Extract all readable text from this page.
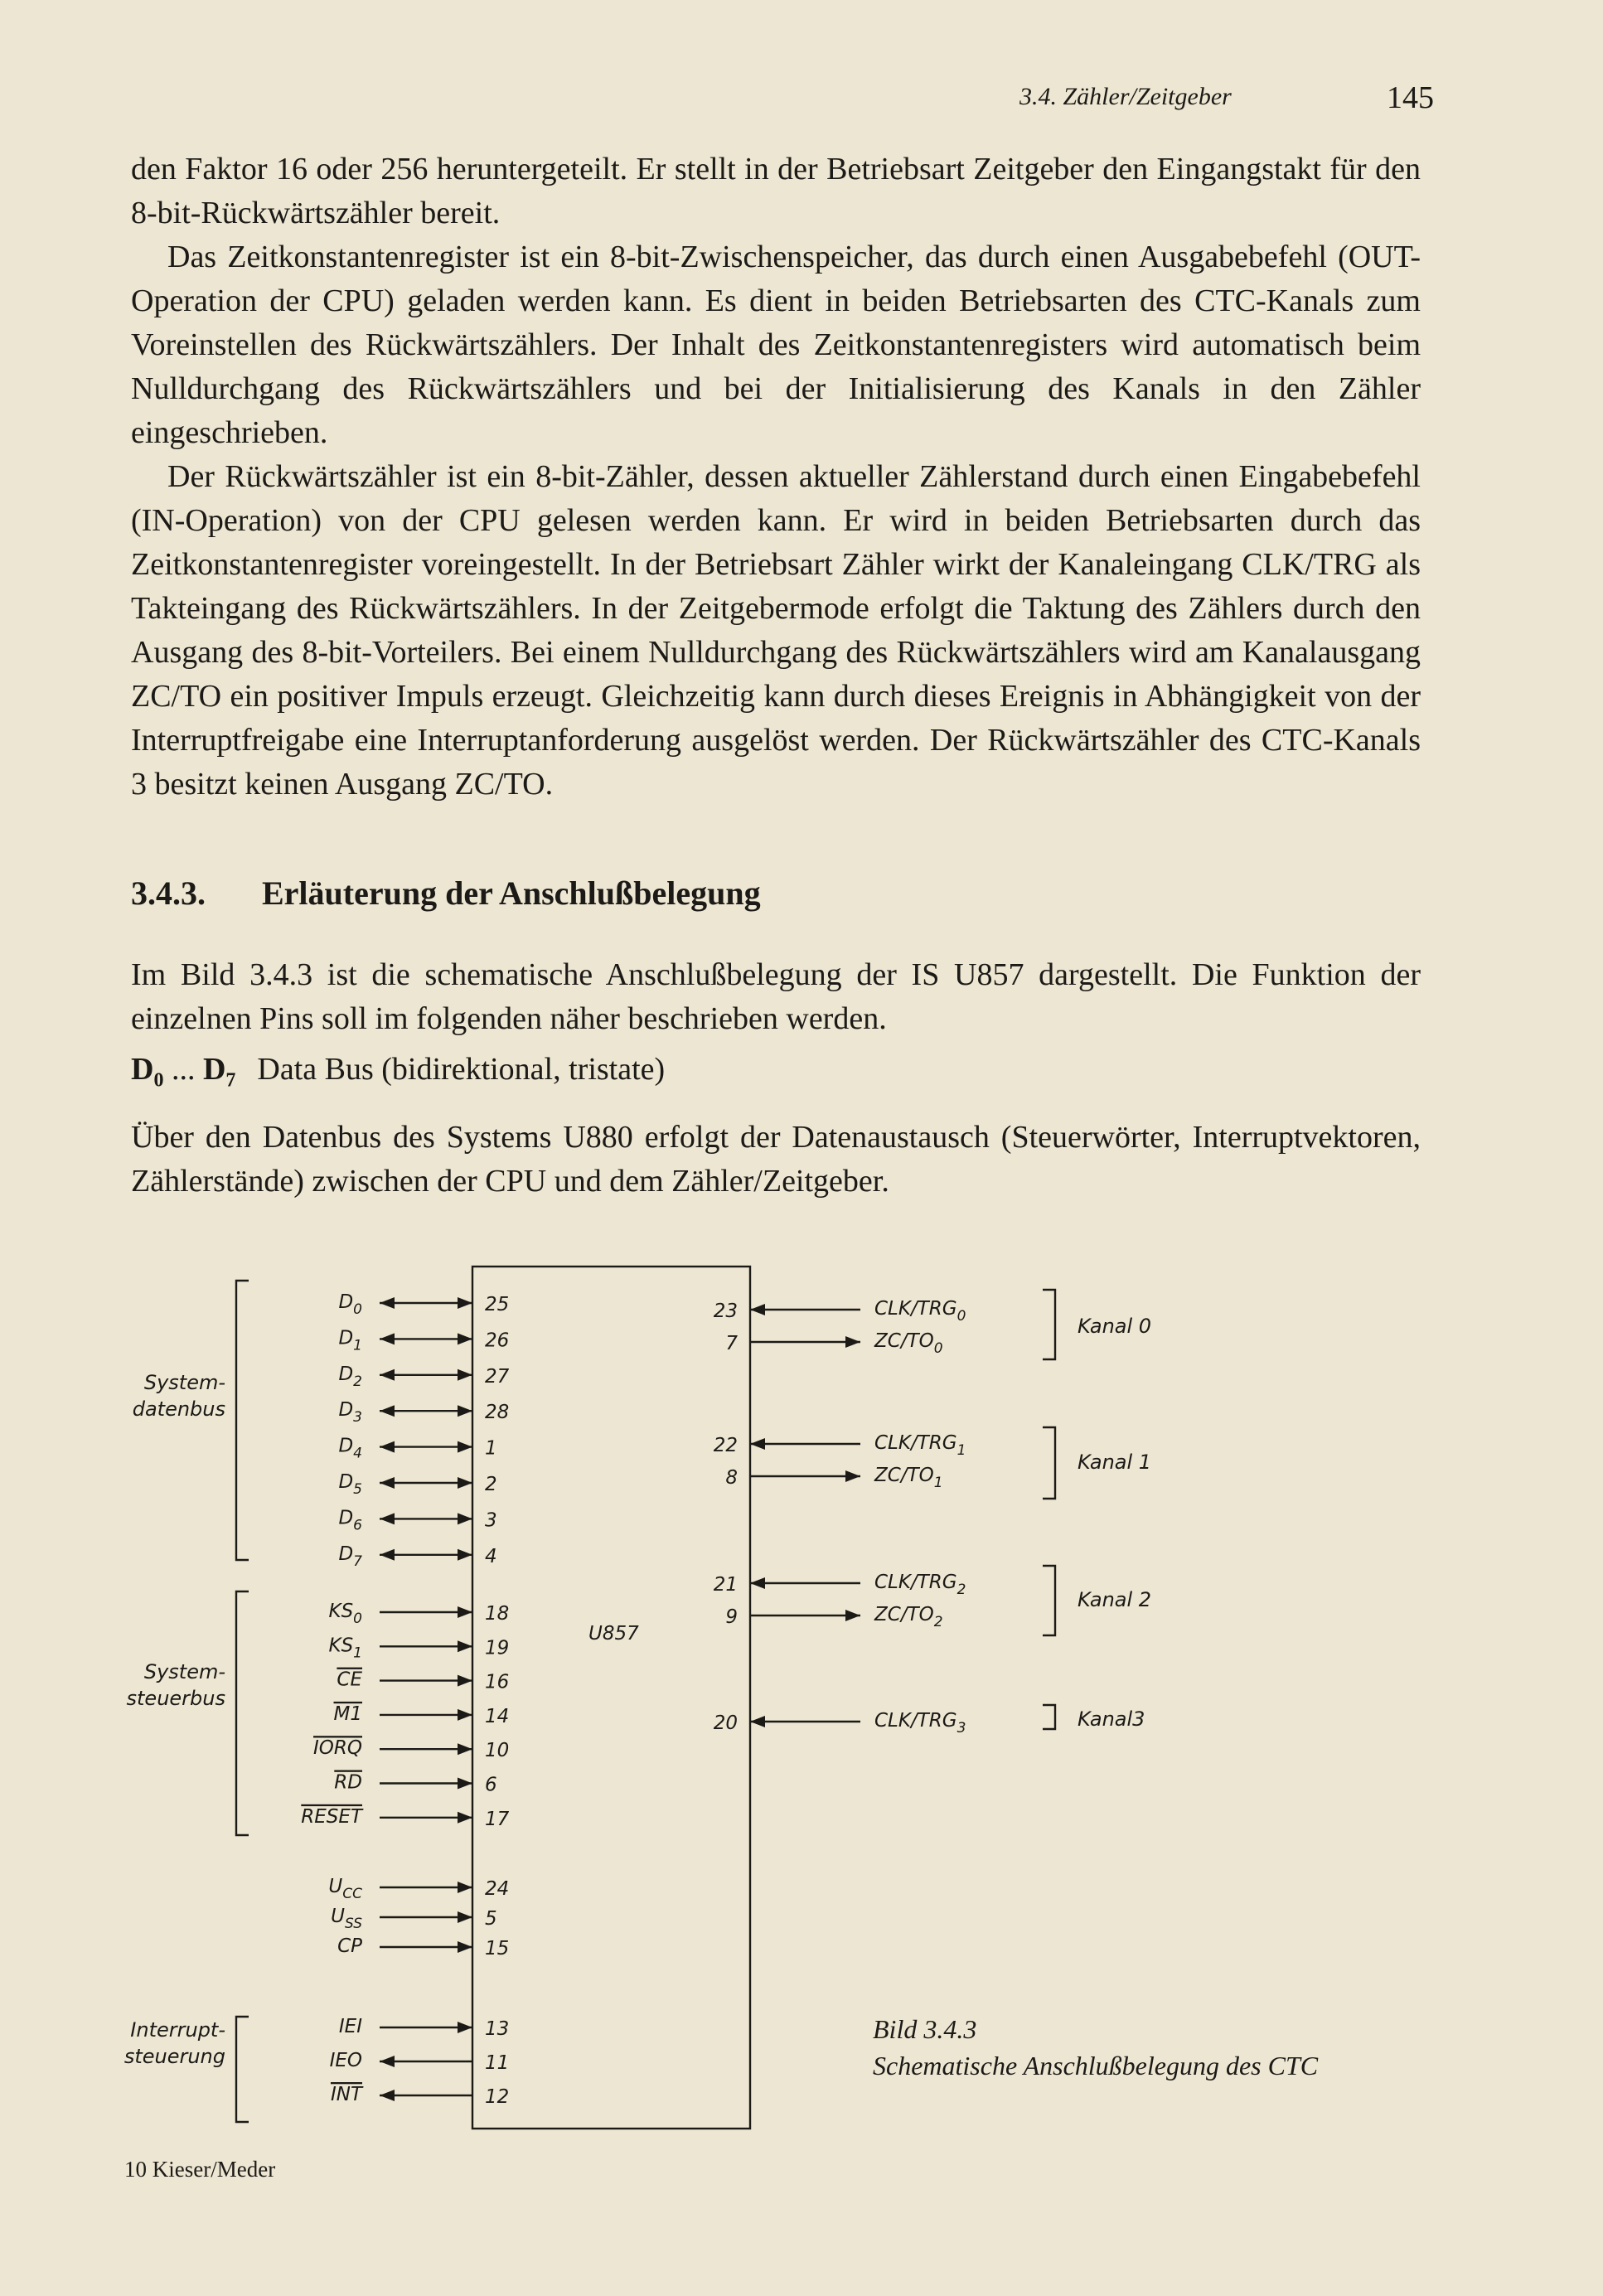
3.4. Zähler/Zeitgeber	145

den Faktor 16 oder 256 heruntergeteilt. Er stellt in der Betriebsart Zeitgeber den Eingangstakt für den 8-bit-Rückwärtszähler bereit.

Das Zeitkonstantenregister ist ein 8-bit-Zwischenspeicher, das durch einen Ausgabebefehl (OUT-Operation der CPU) geladen werden kann. Es dient in beiden Betriebsarten des CTC-Kanals zum Voreinstellen des Rückwärtszählers. Der Inhalt des Zeitkonstantenregisters wird automatisch beim Nulldurchgang des Rückwärtszählers und bei der Initialisierung des Kanals in den Zähler eingeschrieben.

Der Rückwärtszähler ist ein 8-bit-Zähler, dessen aktueller Zählerstand durch einen Eingabebefehl (IN-Operation) von der CPU gelesen werden kann. Er wird in beiden Betriebsarten durch das Zeitkonstantenregister voreingestellt. In der Betriebsart Zähler wirkt der Kanaleingang CLK/TRG als Takteingang des Rückwärtszählers. In der Zeitgebermode erfolgt die Taktung des Zählers durch den Ausgang des 8-bit-Vorteilers. Bei einem Nulldurchgang des Rückwärtszählers wird am Kanalausgang ZC/TO ein positiver Impuls erzeugt. Gleichzeitig kann durch dieses Ereignis in Abhängigkeit von der Interruptfreigabe eine Interruptanforderung ausgelöst werden. Der Rückwärtszähler des CTC-Kanals 3 besitzt keinen Ausgang ZC/TO.

3.4.3. Erläuterung der Anschlußbelegung

Im Bild 3.4.3 ist die schematische Anschlußbelegung der IS U857 dargestellt. Die Funktion der einzelnen Pins soll im folgenden näher beschrieben werden.

$D_0$ ... $D_7$ Data Bus (bidirektional, tristate)

Über den Datenbus des Systems U880 erfolgt der Datenaustausch (Steuerwörter, Interruptvektoren, Zählerstände) zwischen der CPU und dem Zähler/Zeitgeber.

U857
$D_0$	25
$D_1$	26
$D_2$	27
$D_3$	28
$D_4$	1
$D_5$	2
$D_6$	3
$D_7$	4
System-
datenbus
$KS_0$	18
$KS_1$	19
CE	16
M1	14
IORQ	10
RD	6
RESET	17
System-
steuerbus
$U_{CC}$	24
$U_{SS}$	5
CP	15
IEI	13
IEO	11
INT	12
Interrupt-
steuerung
23	CLK/$TRG_0$
7	$ZC/TO_0$
Kanal 0
22	CLK/$TRG_1$
8	$ZC/TO_1$
Kanal 1
21	CLK/$TRG_2$
9	$ZC/TO_2$
Kanal 2
20	CLK/$TRG_3$	Kanal3
Bild 3.4.3
Schematische Anschlußbelegung des CTC
10 Kieser/Meder
